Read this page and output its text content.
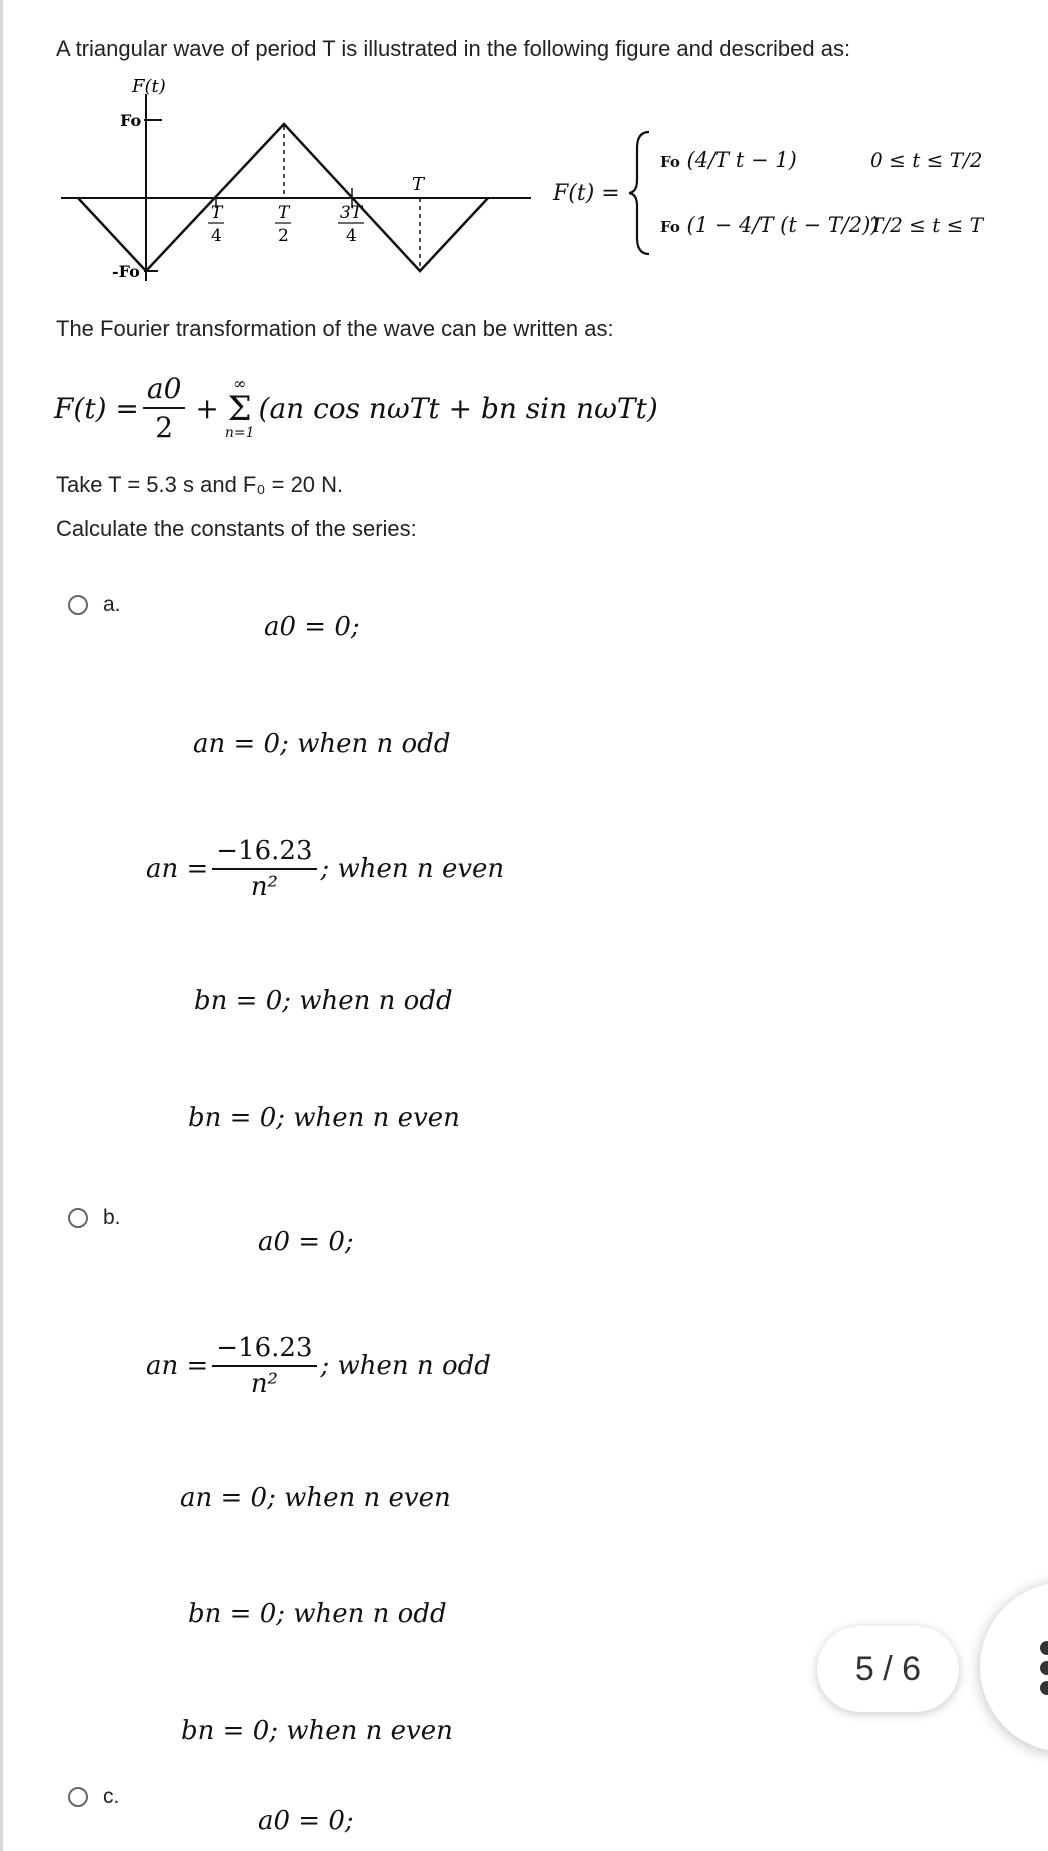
A triangular wave of period T is illustrated in the following figure and described as:
F(t)
Fo
-Fo
T
4
T
2
3T
4
T	F(t) =
Fo (4/T t − 1)	0 ≤ t ≤ T/2
Fo (1 − 4/T (t − T/2))
T/2 ≤ t ≤ T
The Fourier transformation of the wave can be written as:
$F(t) = \frac{a0}{2}$ +
∞
Σ
n=1
(an cos nωTt + bn sin nωTt)
Take T = 5.3 s and F₀ = 20 N.
Calculate the constants of the series:
a.
a0 = 0;
an = 0; when n odd
an = $\frac{-16.23}{\text{n²}}$ ; when n even
bn = 0; when n odd
bn = 0; when n even
b.
a0 = 0;
an = $\frac{-16.23}{\text{n²}}$ ; when n odd
an = 0; when n even
bn = 0; when n odd
bn = 0; when n even
c.
a0 = 0;
5 / 6
